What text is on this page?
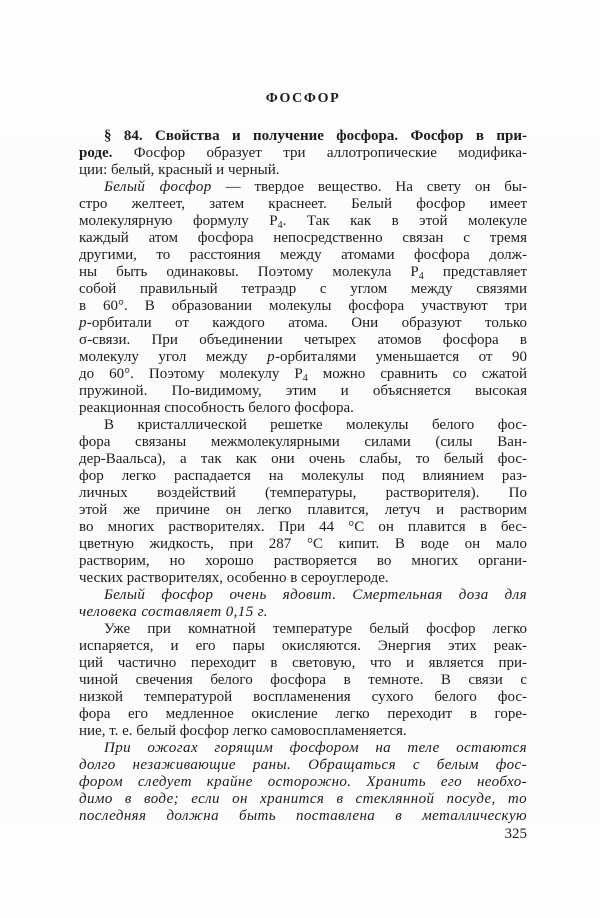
ФОСФОР
§ 84. Свойства и получение фосфора. Фосфор в при-
роде. Фосфор образует три аллотропические модифика-
ции: белый, красный и черный.
Белый фосфор — твердое вещество. На свету он бы-
стро желтеет, затем краснеет. Белый фосфор имеет
молекулярную формулу $P_4$. Так как в этой молекуле
каждый атом фосфора непосредственно связан с тремя
другими, то расстояния между атомами фосфора долж-
ны быть одинаковы. Поэтому молекула $P_4$ представляет
собой правильный тетраэдр с углом между связями
в 60°. В образовании молекулы фосфора участвуют три
p-орбитали от каждого атома. Они образуют только
σ-связи. При объединении четырех атомов фосфора в
молекулу угол между p-орбиталями уменьшается от 90
до 60°. Поэтому молекулу $P_4$ можно сравнить со сжатой
пружиной. По-видимому, этим и объясняется высокая
реакционная способность белого фосфора.
В кристаллической решетке молекулы белого фос-
фора связаны межмолекулярными силами (силы Ван-
дер-Ваальса), а так как они очень слабы, то белый фос-
фор легко распадается на молекулы под влиянием раз-
личных воздействий (температуры, растворителя). По
этой же причине он легко плавится, летуч и растворим
во многих растворителях. При 44 °C он плавится в бес-
цветную жидкость, при 287 °C кипит. В воде он мало
растворим, но хорошо растворяется во многих органи-
ческих растворителях, особенно в сероуглероде.
Белый фосфор очень ядовит. Смертельная доза для
человека составляет 0,15 г.
Уже при комнатной температуре белый фосфор легко
испаряется, и его пары окисляются. Энергия этих реак-
ций частично переходит в световую, что и является при-
чиной свечения белого фосфора в темноте. В связи с
низкой температурой воспламенения сухого белого фос-
фора его медленное окисление легко переходит в горе-
ние, т. е. белый фосфор легко самовоспламеняется.
При ожогах горящим фосфором на теле остаются
долго незаживающие раны. Обращаться с белым фос-
фором следует крайне осторожно. Хранить его необхо-
димо в воде; если он хранится в стеклянной посуде, то
последняя должна быть поставлена в металлическую
325
